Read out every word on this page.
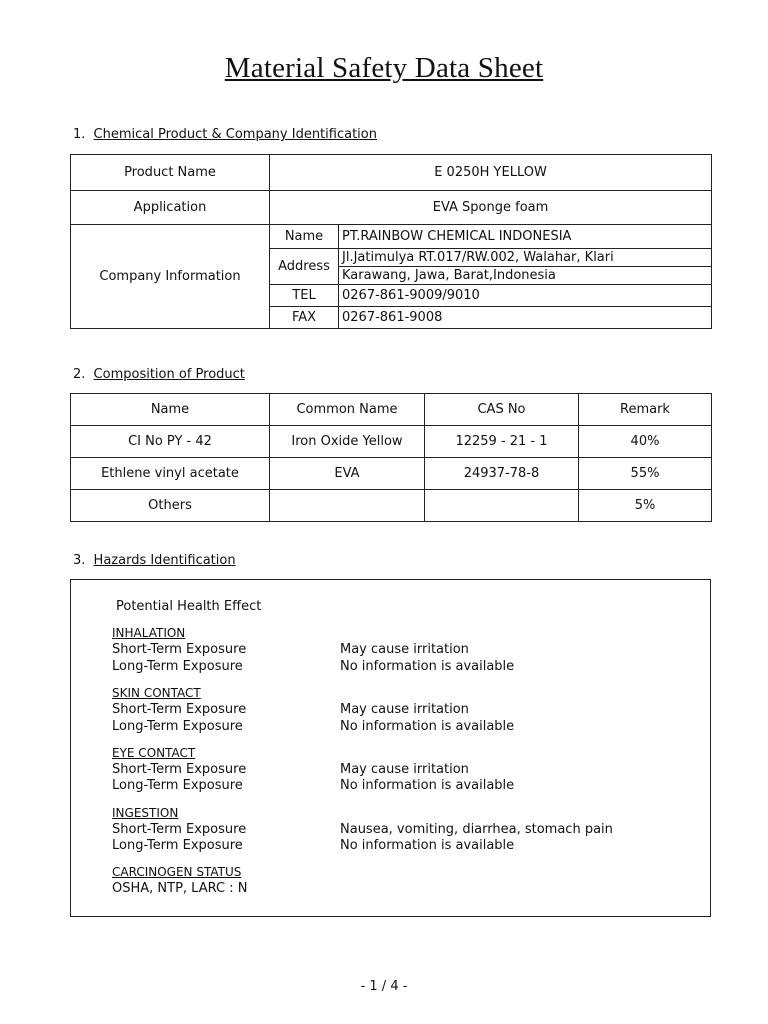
Material Safety Data Sheet
1. Chemical Product & Company Identification
Product Name	E 0250H YELLOW	
Application	EVA Sponge foam	
Company Information	Name	PT.RAINBOW CHEMICAL INDONESIA
	Address	Jl.Jatimulya RT.017/RW.002, Walahar, Klari
		Karawang, Jawa, Barat,Indonesia
	TEL	0267-861-9009/9010
	FAX	0267-861-9008
2. Composition of Product
Name	Common Name	CAS No	Remark
CI No PY - 42	Iron Oxide Yellow	12259 - 21 - 1	40%
Ethlene vinyl acetate	EVA	24937-78-8	55%
Others			5%
3. Hazards Identification
Potential Health Effect
INHALATION
Short-Term Exposure	May cause irritation
Long-Term Exposure	No information is available
SKIN CONTACT
Short-Term Exposure	May cause irritation
Long-Term Exposure	No information is available
EYE CONTACT
Short-Term Exposure	May cause irritation
Long-Term Exposure	No information is available
INGESTION
Short-Term Exposure	Nausea, vomiting, diarrhea, stomach pain
Long-Term Exposure	No information is available
CARCINOGEN STATUS
OSHA, NTP, LARC : N
- 1 / 4 -
